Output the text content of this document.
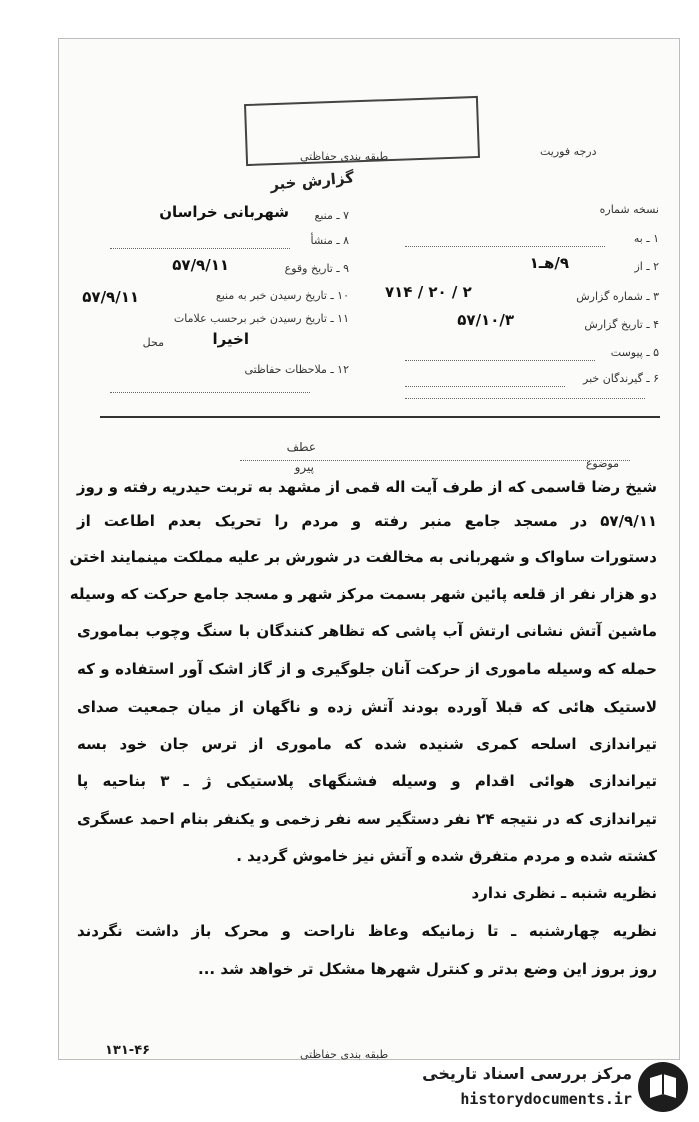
درجه فوریت
طبقه بندی حفاظتی
گزارش خبر
نسخه شماره
۱ ـ به
۲ ـ از
۹/هـ۱
۳ ـ شماره گزارش
۷۱۴ / ۲۰ / ۲
۴ ـ تاریخ گزارش
۵۷/۱۰/۳
۵ ـ پیوست
۶ ـ گیرندگان خبر
۷ ـ منبع
شهربانی خراسان
۸ ـ منشأ
۹ ـ تاریخ وقوع
۵۷/۹/۱۱
۱۰ ـ تاریخ رسیدن خبر به منبع
۵۷/۹/۱۱
۱۱ ـ تاریخ رسیدن خبر برحسب علامات
محل	اخیرا
۱۲ ـ ملاحظات حفاظتی
موضوع
عطف
پیرو
شیخ رضا قاسمی که از طرف آیت اله قمی از مشهد به تربت حیدریه رفته و روز
۵۷/۹/۱۱ در مسجد جامع منبر رفته و مردم را تحریک بعدم اطاعت از
دستورات ساواک و شهربانی به مخالفت در شورش بر علیه مملکت مینمایند اختن
دو هزار نفر از قلعه پائین شهر بسمت مرکز شهر و مسجد جامع حرکت که وسیله
ماشین آتش نشانی ارتش آب پاشی که تظاهر کنندگان با سنگ وچوب بماموری
حمله که وسیله ماموری از حرکت آنان جلوگیری و از گاز اشک آور استفاده و که
لاستیک هائی که قبلا آورده بودند آتش زده و ناگهان از میان جمعیت صدای
تیراندازی اسلحه کمری شنیده شده که ماموری از ترس جان خود بسه
تیراندازی هوائی اقدام و وسیله فشنگهای پلاستیکی ژ ـ ۳ بناحیه پا
تیراندازی که در نتیجه ۲۴ نفر دستگیر سه نفر زخمی و یکنفر بنام احمد عسگری
کشته شده و مردم متفرق شده و آتش نیز خاموش گردید .
نظریه شنبه ـ نظری ندارد
نظریه چهارشنبه ـ تا زمانیکه وعاظ ناراحت و محرک باز داشت نگردند
روز بروز این وضع بدتر و کنترل شهرها مشکل تر خواهد شد ...
۱۳۱-۴۶	طبقه بندی حفاظتی
مرکز بررسی اسناد تاریخی
historydocuments.ir
